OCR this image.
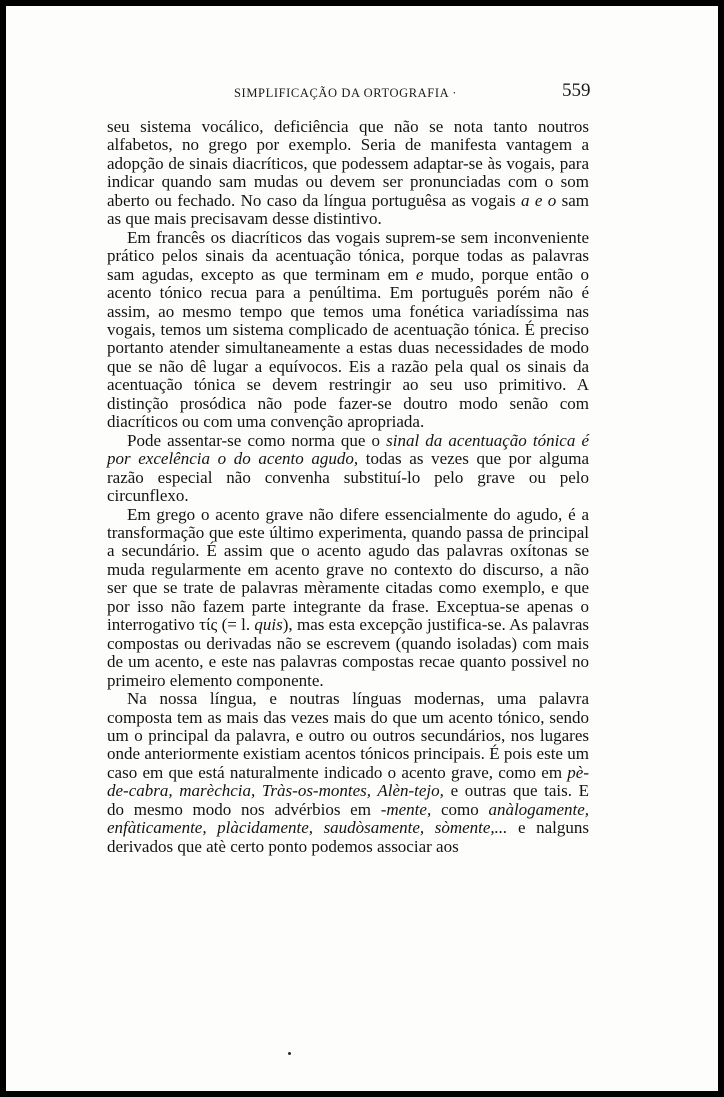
SIMPLIFICAÇÃO DA ORTOGRAFIA ·	559

seu sistema vocálico, deficiência que não se nota tanto noutros alfabetos, no grego por exemplo. Seria de manifesta vantagem a adopção de sinais diacríticos, que podessem adaptar-se às vogais, para indicar quando sam mudas ou devem ser pronunciadas com o som aberto ou fechado. No caso da língua portuguêsa as vogais a e o sam as que mais precisavam desse distintivo.

Em francês os diacríticos das vogais suprem-se sem inconveniente prático pelos sinais da acentuação tónica, porque todas as palavras sam agudas, excepto as que terminam em e mudo, porque então o acento tónico recua para a penúltima. Em português porém não é assim, ao mesmo tempo que temos uma fonética variadíssima nas vogais, temos um sistema complicado de acentuação tónica. É preciso portanto atender simultaneamente a estas duas necessidades de modo que se não dê lugar a equívocos. Eis a razão pela qual os sinais da acentuação tónica se devem restringir ao seu uso primitivo. A distinção prosódica não pode fazer-se doutro modo senão com diacríticos ou com uma convenção apropriada.

Pode assentar-se como norma que o sinal da acentuação tónica é por excelência o do acento agudo, todas as vezes que por alguma razão especial não convenha substituí-lo pelo grave ou pelo circunflexo.

Em grego o acento grave não difere essencialmente do agudo, é a transformação que este último experimenta, quando passa de principal a secundário. É assim que o acento agudo das palavras oxítonas se muda regularmente em acento grave no contexto do discurso, a não ser que se trate de palavras mèramente citadas como exemplo, e que por isso não fazem parte integrante da frase. Exceptua-se apenas o interrogativo τίς (= l. quis), mas esta excepção justifica-se. As palavras compostas ou derivadas não se escrevem (quando isoladas) com mais de um acento, e este nas palavras compostas recae quanto possivel no primeiro elemento componente.

Na nossa língua, e noutras línguas modernas, uma palavra composta tem as mais das vezes mais do que um acento tónico, sendo um o principal da palavra, e outro ou outros secundários, nos lugares onde anteriormente existiam acentos tónicos principais. É pois este um caso em que está naturalmente indicado o acento grave, como em pè-de-cabra, marèchcia, Tràs-os-montes, Alèn-tejo, e outras que tais. E do mesmo modo nos advérbios em -mente, como anàlogamente, enfàticamente, plàcidamente, saudòsamente, sòmente,... e nalguns derivados que atè certo ponto podemos associar aos
